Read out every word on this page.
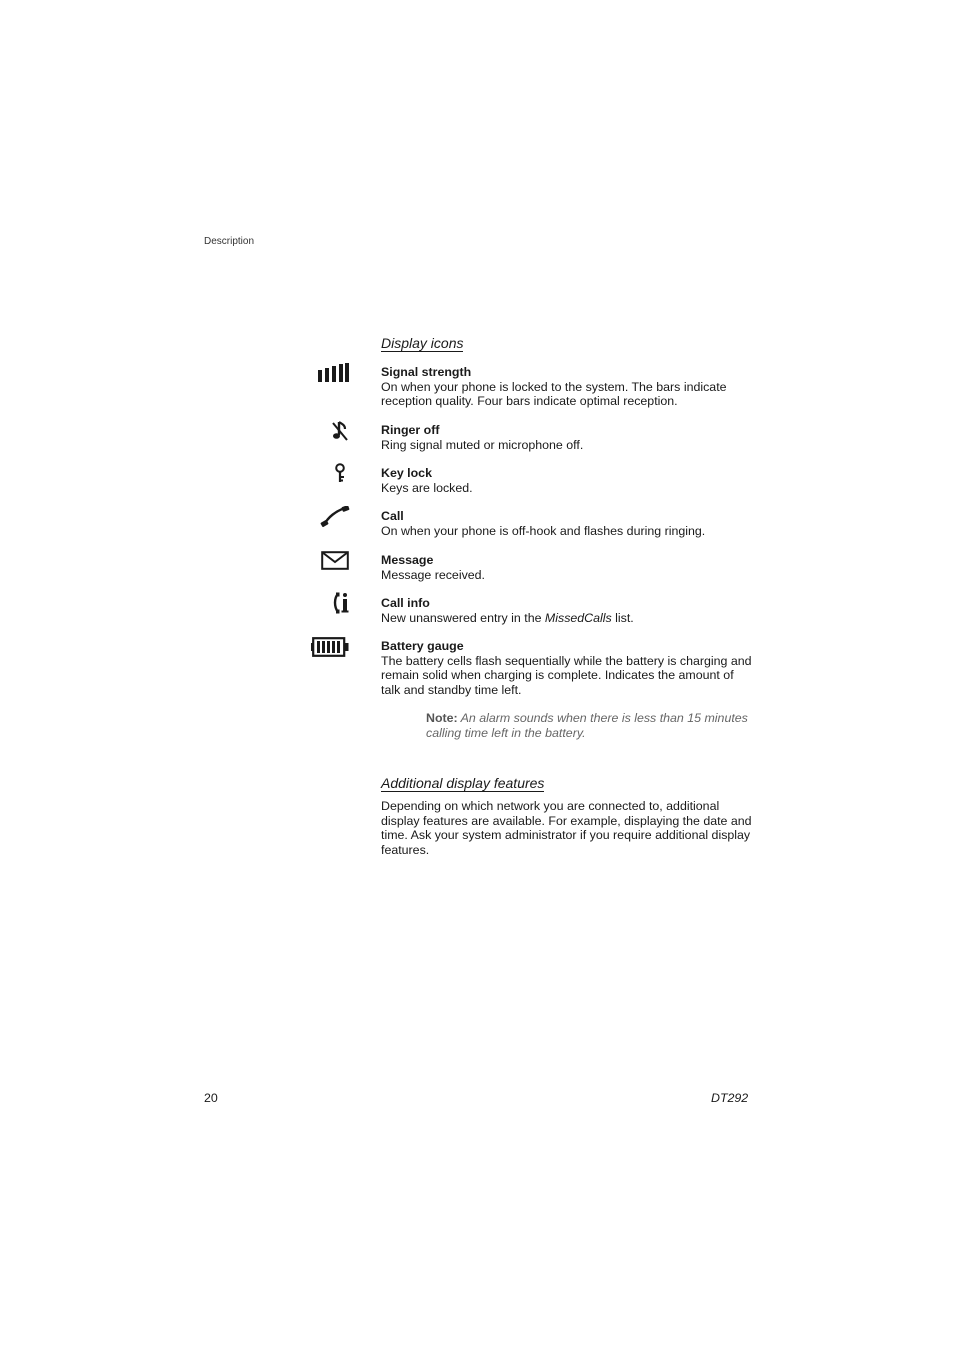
Description
Display icons
Signal strength
On when your phone is locked to the system. The bars indicate reception quality. Four bars indicate optimal reception.
Ringer off
Ring signal muted or microphone off.
Key lock
Keys are locked.
Call
On when your phone is off-hook and flashes during ringing.
Message
Message received.
Call info
New unanswered entry in the MissedCalls list.
Battery gauge
The battery cells flash sequentially while the battery is charging and remain solid when charging is complete. Indicates the amount of talk and standby time left.
Note: An alarm sounds when there is less than 15 minutes calling time left in the battery.
Additional display features
Depending on which network you are connected to, additional display features are available. For example, displaying the date and time. Ask your system administrator if you require additional display features.
20	DT292
